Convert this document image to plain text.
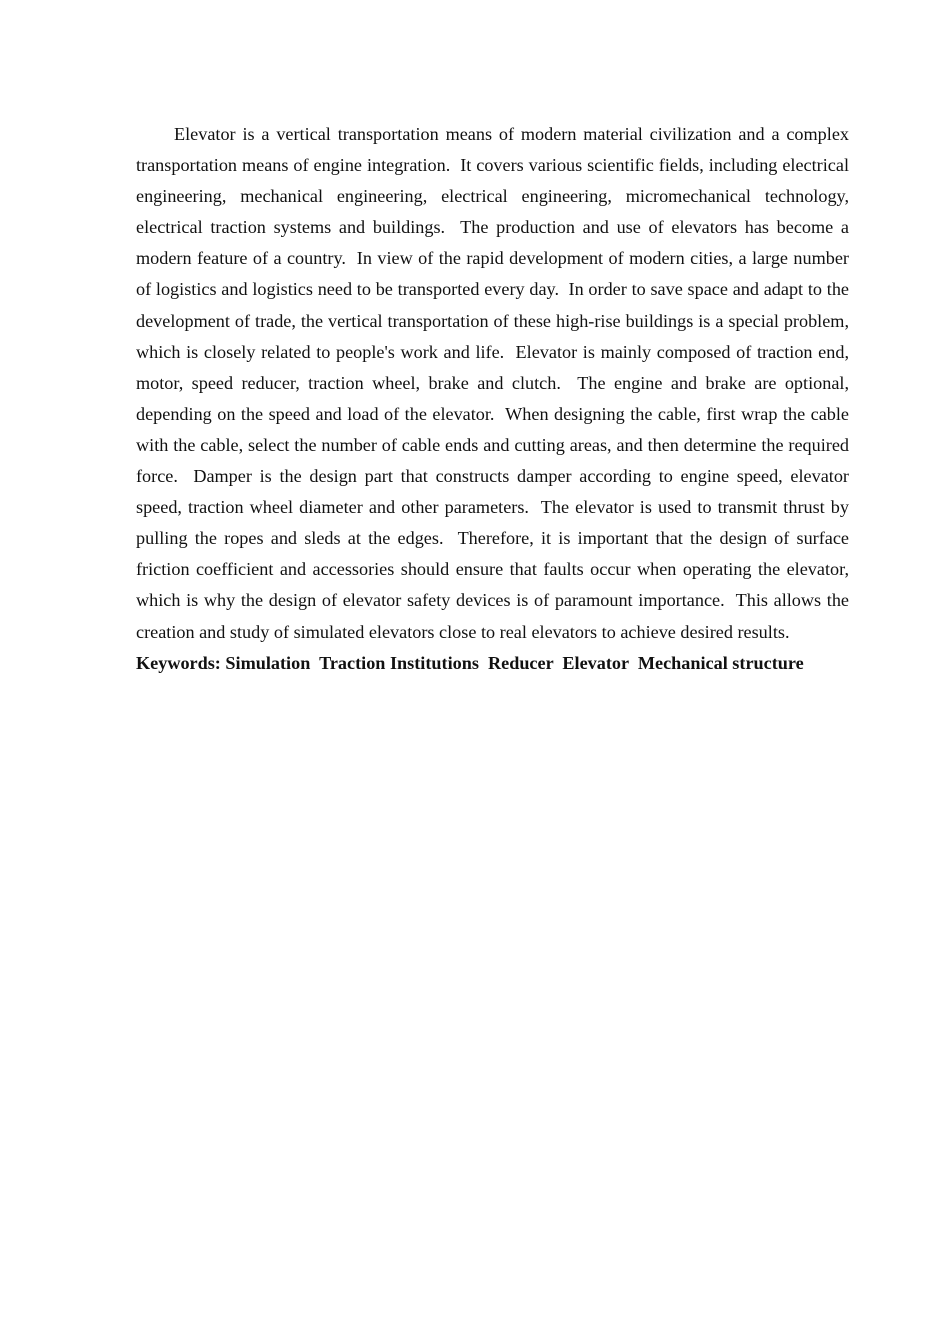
Elevator is a vertical transportation means of modern material civilization and a complex transportation means of engine integration.  It covers various scientific fields, including electrical engineering, mechanical engineering, electrical engineering, micromechanical technology, electrical traction systems and buildings.  The production and use of elevators has become a modern feature of a country.  In view of the rapid development of modern cities, a large number of logistics and logistics need to be transported every day.  In order to save space and adapt to the development of trade, the vertical transportation of these high-rise buildings is a special problem, which is closely related to people's work and life.  Elevator is mainly composed of traction end, motor, speed reducer, traction wheel, brake and clutch.  The engine and brake are optional, depending on the speed and load of the elevator.  When designing the cable, first wrap the cable with the cable, select the number of cable ends and cutting areas, and then determine the required force.  Damper is the design part that constructs damper according to engine speed, elevator speed, traction wheel diameter and other parameters.  The elevator is used to transmit thrust by pulling the ropes and sleds at the edges.  Therefore, it is important that the design of surface friction coefficient and accessories should ensure that faults occur when operating the elevator, which is why the design of elevator safety devices is of paramount importance.  This allows the creation and study of simulated elevators close to real elevators to achieve desired results.

Keywords: Simulation  Traction Institutions  Reducer  Elevator  Mechanical structure
